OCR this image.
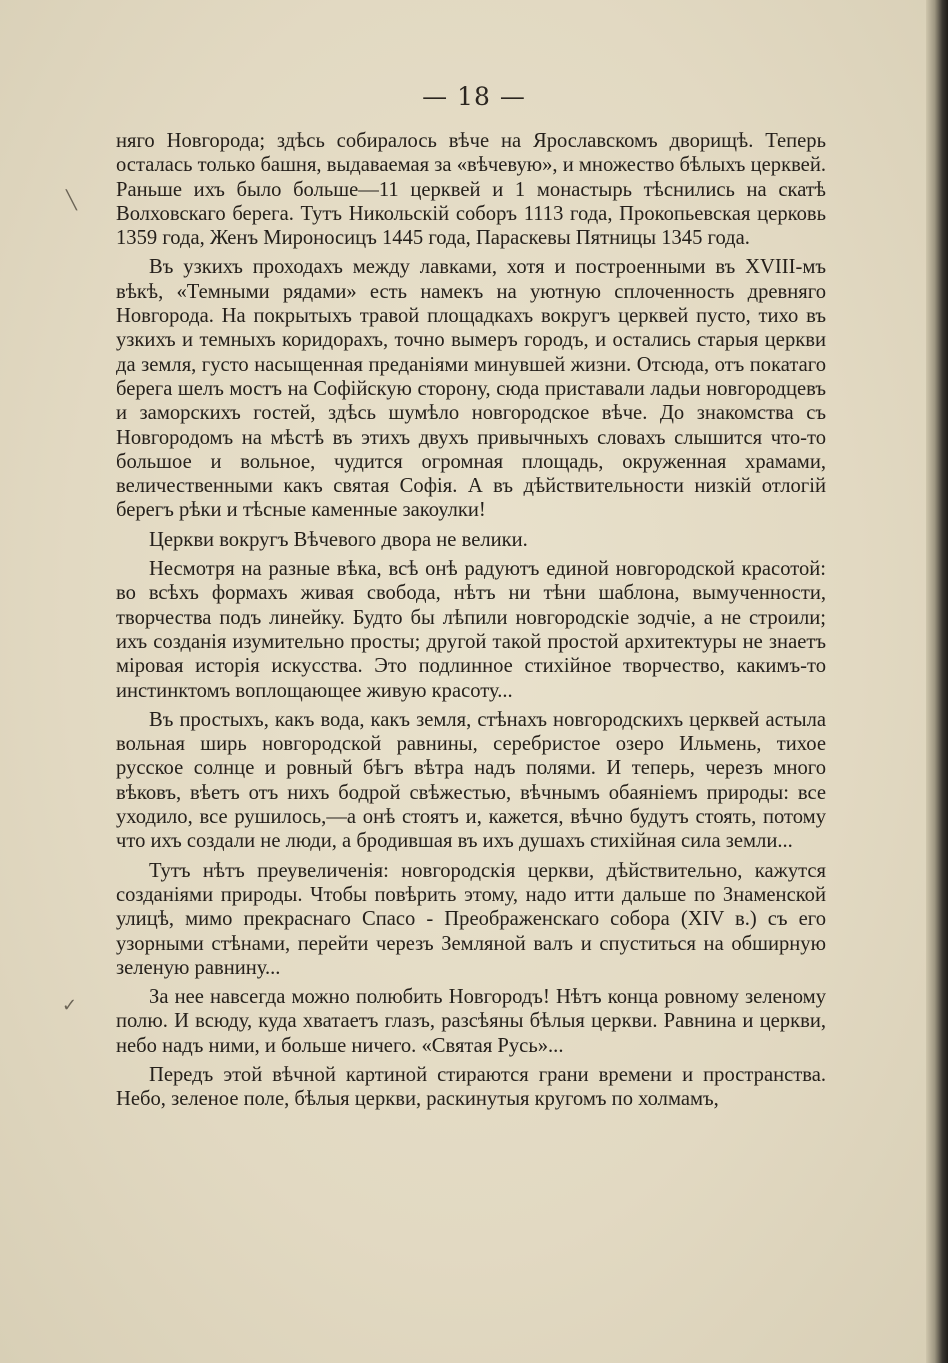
— 18 —
╲
✓

няго Новгорода; здѣсь собиралось вѣче на Ярославскомъ дворищѣ. Теперь осталась только башня, выдаваемая за «вѣчевую», и множество бѣлыхъ церквей. Раньше ихъ было больше—11 церквей и 1 монастырь тѣснились на скатѣ Волховскаго берега. Тутъ Никольскій соборъ 1113 года, Прокопьевская церковь 1359 года, Женъ Мироносицъ 1445 года, Параскевы Пятницы 1345 года.

Въ узкихъ проходахъ между лавками, хотя и построенными въ XVIII-мъ вѣкѣ, «Темными рядами» есть намекъ на уютную сплоченность древняго Новгорода. На покрытыхъ травой площадкахъ вокругъ церквей пусто, тихо въ узкихъ и темныхъ коридорахъ, точно вымеръ городъ, и остались старыя церкви да земля, густо насыщенная преданіями минувшей жизни. Отсюда, отъ покатаго берега шелъ мостъ на Софійскую сторону, сюда приставали ладьи новгородцевъ и заморскихъ гостей, здѣсь шумѣло новгородское вѣче. До знакомства съ Новгородомъ на мѣстѣ въ этихъ двухъ привычныхъ словахъ слышится что-то большое и вольное, чудится огромная площадь, окруженная храмами, величественными какъ святая Софія. А въ дѣйствительности низкій отлогій берегъ рѣки и тѣсные каменные закоулки!

Церкви вокругъ Вѣчевого двора не велики.

Несмотря на разные вѣка, всѣ онѣ радуютъ единой новгородской красотой: во всѣхъ формахъ живая свобода, нѣтъ ни тѣни шаблона, вымученности, творчества подъ линейку. Будто бы лѣпили новгородскіе зодчіе, а не строили; ихъ созданія изумительно просты; другой такой простой архитектуры не знаетъ міровая исторія искусства. Это подлинное стихійное творчество, какимъ-то инстинктомъ воплощающее живую красоту...

Въ простыхъ, какъ вода, какъ земля, стѣнахъ новгородскихъ церквей астыла вольная ширь новгородской равнины, серебристое озеро Ильмень, тихое русское солнце и ровный бѣгъ вѣтра надъ полями. И теперь, черезъ много вѣковъ, вѣетъ отъ нихъ бодрой свѣжестью, вѣчнымъ обаяніемъ природы: все уходило, все рушилось,—а онѣ стоятъ и, кажется, вѣчно будутъ стоять, потому что ихъ создали не люди, а бродившая въ ихъ душахъ стихійная сила земли...

Тутъ нѣтъ преувеличенія: новгородскія церкви, дѣйствительно, кажутся созданіями природы. Чтобы повѣрить этому, надо итти дальше по Знаменской улицѣ, мимо прекраснаго Спасо - Преображенскаго собора (XIV в.) съ его узорными стѣнами, перейти черезъ Земляной валъ и спуститься на обширную зеленую равнину...

За нее навсегда можно полюбить Новгородъ! Нѣтъ конца ровному зеленому полю. И всюду, куда хватаетъ глазъ, разсѣяны бѣлыя церкви. Равнина и церкви, небо надъ ними, и больше ничего. «Святая Русь»...

Передъ этой вѣчной картиной стираются грани времени и пространства. Небо, зеленое поле, бѣлыя церкви, раскинутыя кругомъ по холмамъ,
